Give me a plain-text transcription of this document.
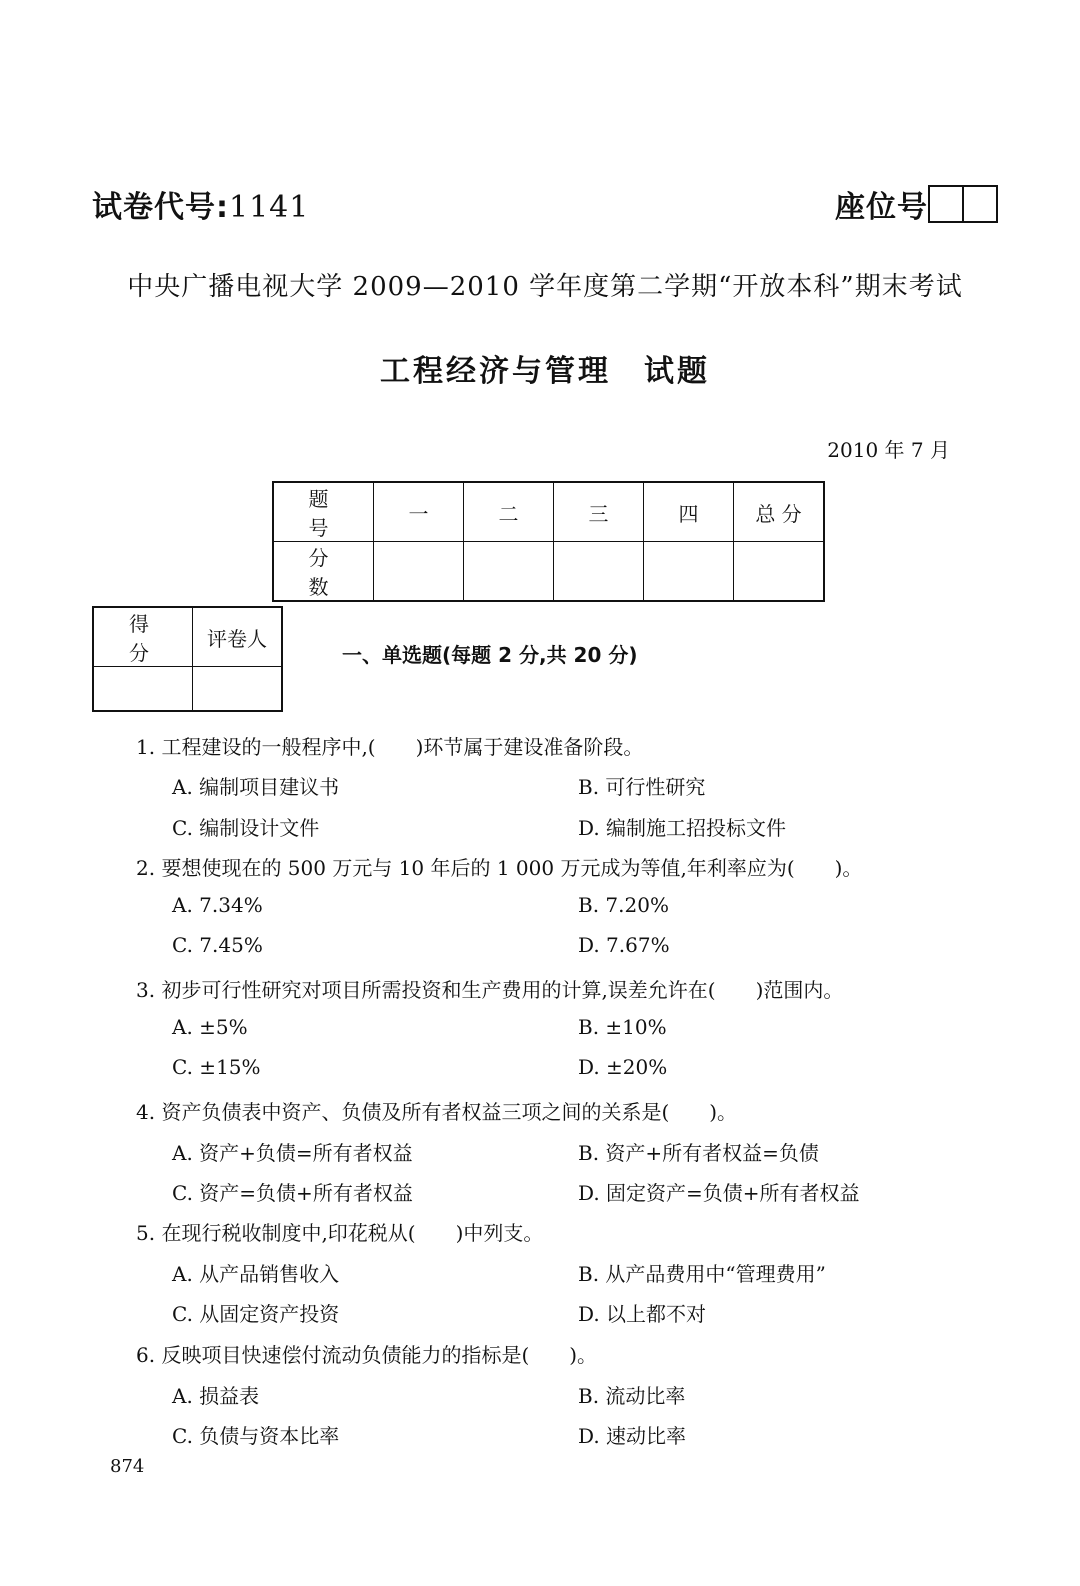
试卷代号:1141	座位号
中央广播电视大学 2009—2010 学年度第二学期“开放本科”期末考试
工程经济与管理　试题
2010 年 7 月
题 号	一	二	三	四	总 分
分 数					
得 分	评卷人

一、单选题(每题 2 分,共 20 分)
1. 工程建设的一般程序中,(　　)环节属于建设准备阶段。
A. 编制项目建议书	B. 可行性研究
C. 编制设计文件	D. 编制施工招投标文件
2. 要想使现在的 500 万元与 10 年后的 1 000 万元成为等值,年利率应为(　　)。
A. 7.34%	B. 7.20%
C. 7.45%	D. 7.67%
3. 初步可行性研究对项目所需投资和生产费用的计算,误差允许在(　　)范围内。
A. ±5%	B. ±10%
C. ±15%	D. ±20%
4. 资产负债表中资产、负债及所有者权益三项之间的关系是(　　)。
A. 资产+负债=所有者权益	B. 资产+所有者权益=负债
C. 资产=负债+所有者权益	D. 固定资产=负债+所有者权益
5. 在现行税收制度中,印花税从(　　)中列支。
A. 从产品销售收入	B. 从产品费用中“管理费用”
C. 从固定资产投资	D. 以上都不对
6. 反映项目快速偿付流动负债能力的指标是(　　)。
A. 损益表	B. 流动比率
C. 负债与资本比率	D. 速动比率
874
